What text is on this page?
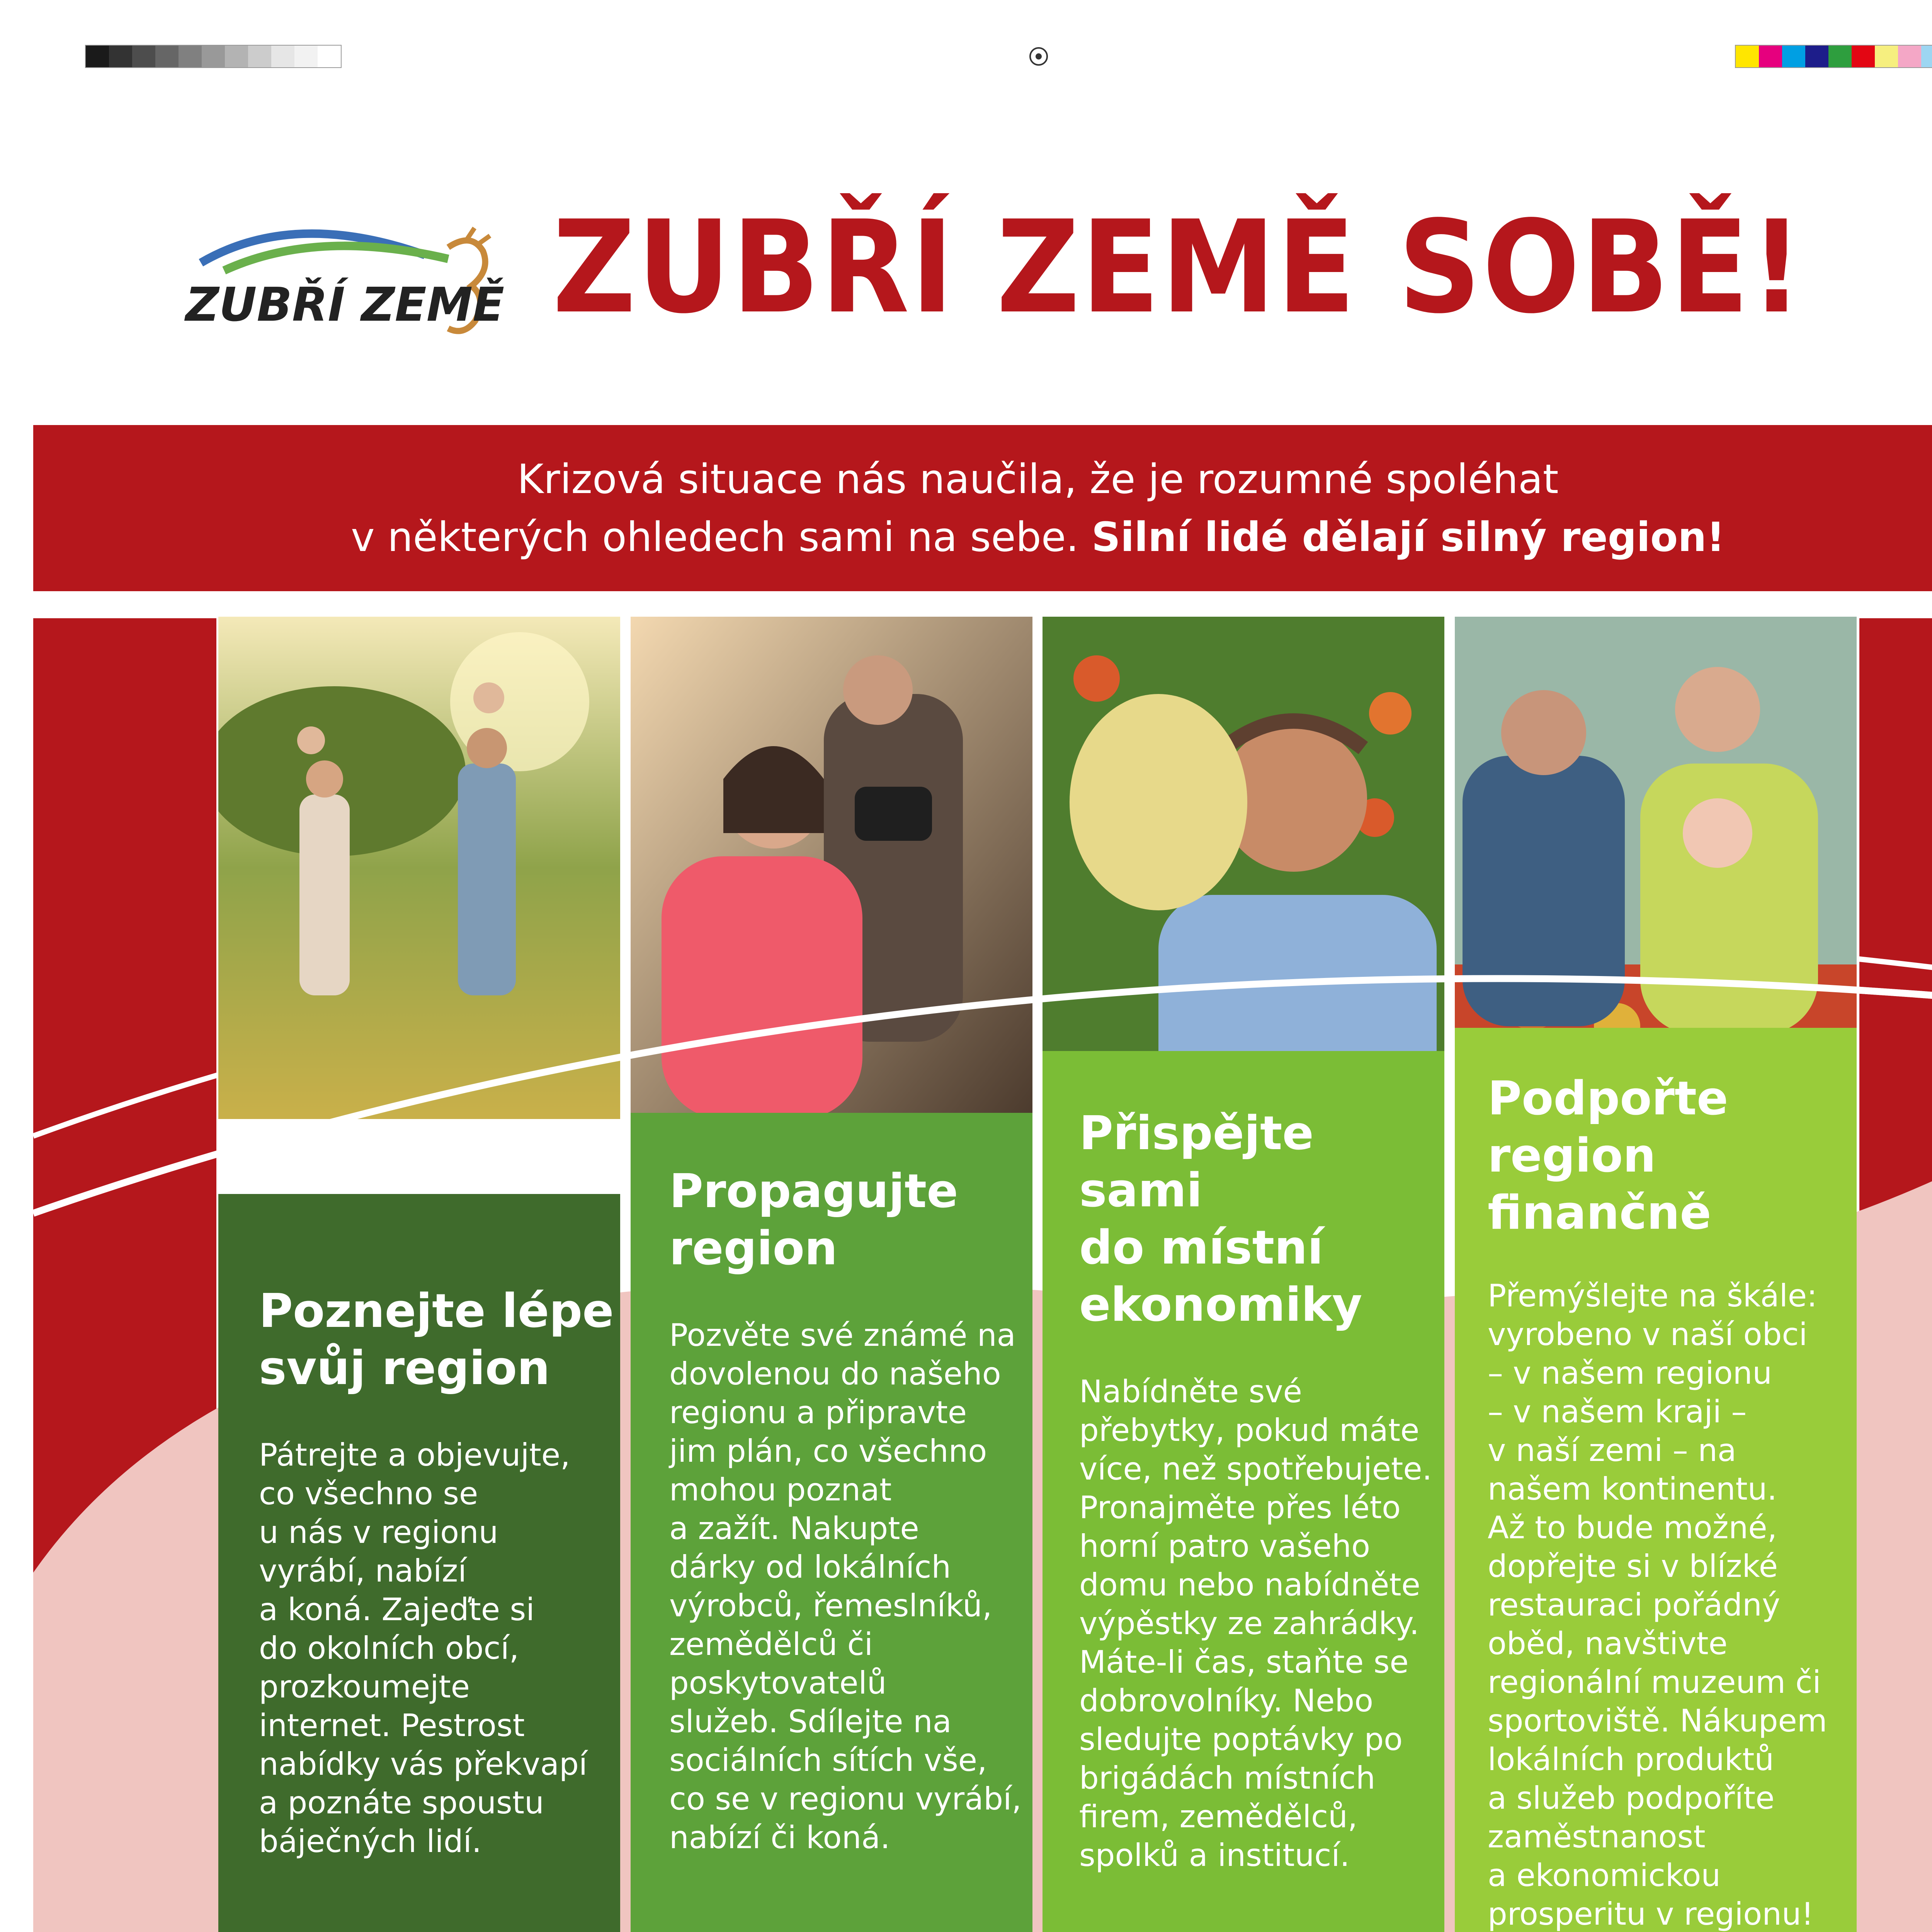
ZUBŘÍ ZEMĚ ZUBŘÍ ZEMĚ SOBĚ!
Krizová situace nás naučila, že je rozumné spoléhat
v některých ohledech sami na sebe. Silní lidé dělají silný region!
Poznejte lépe
svůj region

Pátrejte a objevujte,
co všechno se
u nás v regionu
vyrábí, nabízí
a koná. Zajeďte si
do okolních obcí,
prozkoumejte
internet. Pestrost
nabídky vás překvapí
a poznáte spoustu
báječných lidí.

Propagujte
region

Pozvěte své známé na
dovolenou do našeho
regionu a připravte
jim plán, co všechno
mohou poznat
a zažít. Nakupte
dárky od lokálních
výrobců, řemeslníků,
zemědělců či
poskytovatelů
služeb. Sdílejte na
sociálních sítích vše,
co se v regionu vyrábí,
nabízí či koná.

Přispějte sami
do místní
ekonomiky

Nabídněte své
přebytky, pokud máte
více, než spotřebujete.
Pronajměte přes léto
horní patro vašeho
domu nebo nabídněte
výpěstky ze zahrádky.
Máte-li čas, staňte se
dobrovolníky. Nebo
sledujte poptávky po
brigádách místních
firem, zemědělců,
spolků a institucí.

Podpořte
region
finančně

Přemýšlejte na škále:
vyrobeno v naší obci
– v našem regionu
– v našem kraji –
v naší zemi – na
našem kontinentu.
Až to bude možné,
dopřejte si v blízké
restauraci pořádný
oběd, navštivte
regionální muzeum či
sportoviště. Nákupem
lokálních produktů
a služeb podpoříte
zaměstnanost
a ekonomickou
prosperitu v regionu!
